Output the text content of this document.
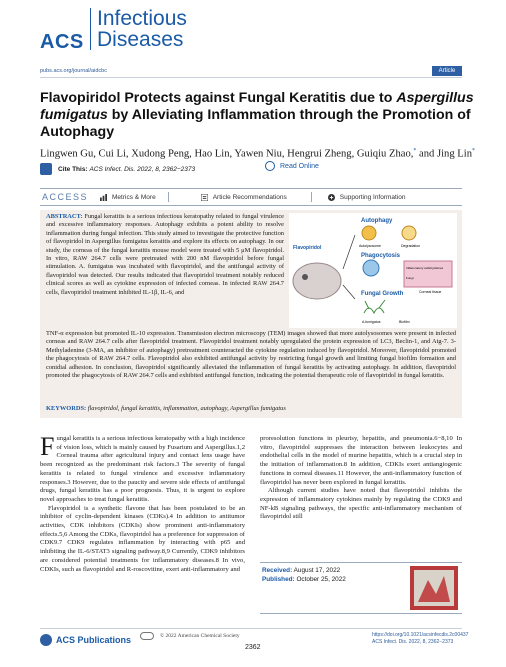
ACS
Infectious
Diseases
pubs.acs.org/journal/aidcbc	Article
Flavopiridol Protects against Fungal Keratitis due to Aspergillus fumigatus by Alleviating Inflammation through the Promotion of Autophagy
Lingwen Gu, Cui Li, Xudong Peng, Hao Lin, Yawen Niu, Hengrui Zheng, Guiqiu Zhao,* and Jing Lin*
Cite This: ACS Infect. Dis. 2022, 8, 2362−2373	Read Online
ACCESS	Metrics & More	Article Recommendations	Supporting Information
ABSTRACT: Fungal keratitis is a serious infectious keratopathy related to fungal virulence and excessive inflammatory responses. Autophagy exhibits a potent ability to resolve inflammation during fungal infection. This study aimed to investigate the protective function of flavopiridol in Aspergillus fumigatus keratitis and explore its effects on autophagy. In our study, the corneas of the fungal keratitis mouse model were treated with 5 μM flavopiridol. In vitro, RAW 264.7 cells were pretreated with 200 nM flavopiridol before fungal stimulation. A. fumigatus was incubated with flavopiridol, and the antifungal activity of flavopiridol was detected. Our results indicated that flavopiridol treatment notably reduced clinical scores as well as cytokine expression of infected corneas. In infected RAW 264.7 cells, flavopiridol treatment inhibited IL-1β, IL-6, and
Autophagy
Autolysosome	Degradation
Phagocytosis
Flavopiridol
Inflammatory cells Cytokines
Fungi
Corneal tissue
Fungal Growth
A.fumigatus	Biofilm
TNF-α expression but promoted IL-10 expression. Transmission electron microscopy (TEM) images showed that more autolysosomes were present in infected corneas and RAW 264.7 cells after flavopiridol treatment. Flavopiridol treatment notably upregulated the protein expression of LC3, Beclin-1, and Atg-7. 3-Methyladenine (3-MA, an inhibitor of autophagy) pretreatment counteracted the cytokine regulation induced by flavopiridol. Moreover, flavopiridol promoted the phagocytosis of RAW 264.7 cells. Flavopiridol also exhibited antifungal activity by restricting fungal growth and limiting fungal biofilm formation and conidial adhesion. In conclusion, flavopiridol significantly alleviated the inflammation of fungal keratitis by activating autophagy. In addition, flavopiridol promoted the phagocytosis of RAW 264.7 cells and exhibited antifungal function, indicating the potential therapeutic role of flavopiridol in fungal keratitis.
KEYWORDS: flavopiridol, fungal keratitis, inflammation, autophagy, Aspergillus fumigatus

Fungal keratitis is a serious infectious keratopathy with a high incidence of vision loss, which is mainly caused by Fusarium and Aspergillus.1,2 Corneal trauma after agricultural injury and contact lens usage have been recognized as the predominant risk factors.3 The severity of fungal keratitis is related to fungal virulence and excessive inflammatory responses.3 However, due to the paucity and severe side effects of antifungal drugs, fungal keratitis has a poor prognosis. Thus, it is urgent to explore novel approaches to treat fungal keratitis.

Flavopiridol is a synthetic flavone that has been postulated to be an inhibitor of cyclin-dependent kinases (CDKs).4 In addition to antitumor activities, CDK inhibitors (CDKIs) show prominent anti-inflammatory effects.5,6 Among the CDKs, flavopiridol has a preference for suppression of CDK9.7 CDK9 regulates inflammation by interacting with p65 and inhibiting the IL-6/STAT3 signaling pathway.8,9 Currently, CDK9 inhibitors are considered potential treatments for inflammatory diseases.8 In vivo, CDKIs, such as flavopiridol and R-roscovitine, exert anti-inflammatory and

proresolution functions in pleurisy, hepatitis, and pneumonia.6−8,10 In vitro, flavopiridol suppresses the interaction between leukocytes and endothelial cells in the model of murine hepatitis, which is a crucial step in the initiation of inflammation.8 In addition, CDKIs exert antiangiogenic functions in corneal diseases.11 However, the anti-inflammatory function of flavopiridol has never been explored in fungal keratitis.

Although current studies have noted that flavopiridol inhibits the expression of inflammatory cytokines mainly by regulating the CDK9 and NF-kB signaling pathways, the specific anti-inflammatory mechanism of flavopiridol still

Received: August 17, 2022
Published: October 25, 2022
ACS Publications	© 2022 American Chemical Society
2362
https://doi.org/10.1021/acsinfecdis.2c00437
ACS Infect. Dis. 2022, 8, 2362−2373
